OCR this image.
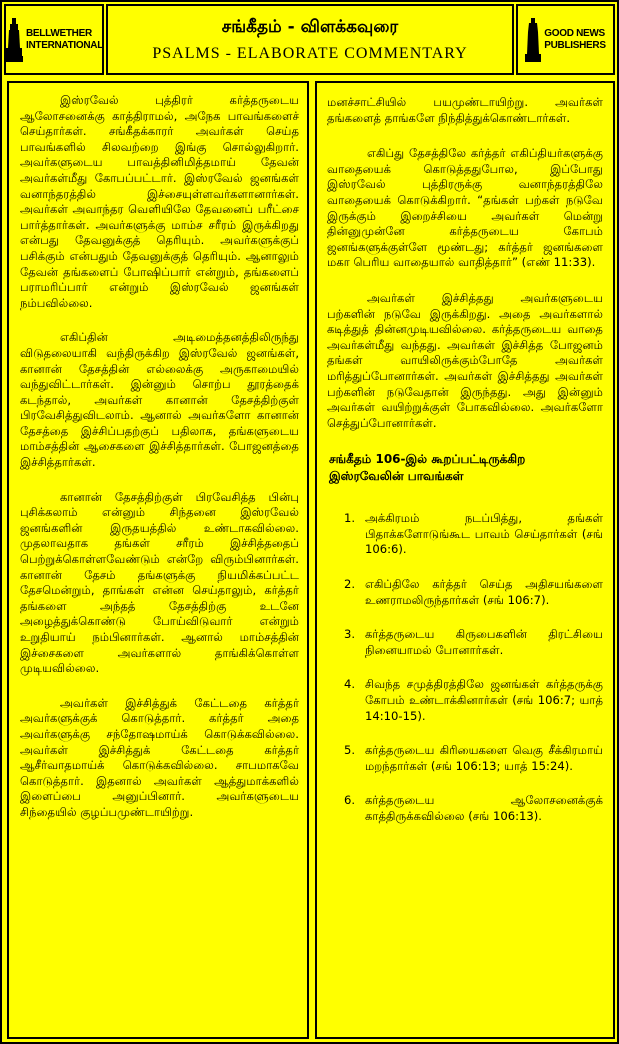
BELLWETHER
INTERNATIONAL
சங்கீதம் - விளக்கவுரை
PSALMS - ELABORATE COMMENTARY
GOOD NEWS
PUBLISHERS

இஸ்ரவேல் புத்திரர் கர்த்தருடைய ஆலோசனைக்கு காத்திராமல், அநேக பாவங்களைச் செய்தார்கள். சங்கீதக்காரர் அவர்கள் செய்த பாவங்களில் சிலவற்றை இங்கு சொல்லுகிறார். அவர்களுடைய பாவத்தினிமித்தமாய் தேவன் அவர்கள்மீது கோபப்பட்டார். இஸ்ரவேல் ஜனங்கள் வனாந்தரத்தில் இச்சையுள்ளவர்களானார்கள். அவர்கள் அவாந்தர வெளியிலே தேவனைப் பரீட்சை பார்த்தார்கள். அவர்களுக்கு மாம்ச சரீரம் இருக்கிறது என்பது தேவனுக்குத் தெரியும். அவர்களுக்குப் பசிக்கும் என்பதும் தேவனுக்குத் தெரியும். ஆனாலும் தேவன் தங்களைப் போஷிப்பார் என்றும், தங்களைப் பராமரிப்பார் என்றும் இஸ்ரவேல் ஜனங்கள் நம்பவில்லை.

எகிப்தின் அடிமைத்தனத்திலிருந்து விடுதலையாகி வந்திருக்கிற இஸ்ரவேல் ஜனங்கள், கானான் தேசத்தின் எல்லைக்கு அருகாமையில் வந்துவிட்டார்கள். இன்னும் சொற்ப தூரத்தைக் கடந்தால், அவர்கள் கானான் தேசத்திற்குள் பிரவேசித்துவிடலாம். ஆனால் அவர்களோ கானான் தேசத்தை இச்சிப்பதற்குப் பதிலாக, தங்களுடைய மாம்சத்தின் ஆசைகளை இச்சித்தார்கள். போஜனத்தை இச்சித்தார்கள்.

கானான் தேசத்திற்குள் பிரவேசித்த பின்பு புசிக்கலாம் என்னும் சிந்தனை இஸ்ரவேல் ஜனங்களின் இருதயத்தில் உண்டாகவில்லை. முதலாவதாக தங்கள் சரீரம் இச்சித்ததைப் பெற்றுக்கொள்ளவேண்டும் என்றே விரும்பினார்கள். கானான் தேசம் தங்களுக்கு நியமிக்கப்பட்ட தேசமென்றும், தாங்கள் என்ன செய்தாலும், கர்த்தர் தங்களை அந்தத் தேசத்திற்கு உடனே அழைத்துக்கொண்டு போய்விடுவார் என்றும் உறுதியாய் நம்பினார்கள். ஆனால் மாம்சத்தின் இச்சைகளை அவர்களால் தாங்கிக்கொள்ள முடியவில்லை.

அவர்கள் இச்சித்துக் கேட்டதை கர்த்தர் அவர்களுக்குக் கொடுத்தார். கர்த்தர் அதை அவர்களுக்கு சந்தோஷமாய்க் கொடுக்கவில்லை. அவர்கள் இச்சித்துக் கேட்டதை கர்த்தர் ஆசீர்வாதமாய்க் கொடுக்கவில்லை. சாபமாகவே கொடுத்தார். இதனால் அவர்கள் ஆத்துமாக்களில் இளைப்பை அனுப்பினார். அவர்களுடைய சிந்தையில் குழப்பமுண்டாயிற்று.

மனச்சாட்சியில் பயமுண்டாயிற்று. அவர்கள் தங்களைத் தாங்களே நிந்தித்துக்கொண்டார்கள்.

எகிப்து தேசத்திலே கர்த்தர் எகிப்தியர்களுக்கு வாதையைக் கொடுத்ததுபோல, இப்போது இஸ்ரவேல் புத்திரருக்கு வனாந்தரத்திலே வாதையைக் கொடுக்கிறார். “தங்கள் பற்கள் நடுவே இருக்கும் இறைச்சியை அவர்கள் மென்று தின்னுமுன்னே கர்த்தருடைய கோபம் ஜனங்களுக்குள்ளே மூண்டது; கர்த்தர் ஜனங்களை மகா பெரிய வாதையால் வாதித்தார்” (எண் 11:33).

அவர்கள் இச்சித்தது அவர்களுடைய பற்களின் நடுவே இருக்கிறது. அதை அவர்களால் கடித்துத் தின்னமுடியவில்லை. கர்த்தருடைய வாதை அவர்கள்மீது வந்தது. அவர்கள் இச்சித்த போஜனம் தங்கள் வாயிலிருக்கும்போதே அவர்கள் மரித்துப்போனார்கள். அவர்கள் இச்சித்தது அவர்கள் பற்களின் நடுவேதான் இருந்தது. அது இன்னும் அவர்கள் வயிற்றுக்குள் போகவில்லை. அவர்களோ செத்துப்போனார்கள்.

சங்கீதம் 106-இல் கூறப்பட்டிருக்கிற இஸ்ரவேலின் பாவங்கள்
1. அக்கிரமம் நடப்பித்து, தங்கள் பிதாக்களோடுங்கூட பாவம் செய்தார்கள் (சங் 106:6).
2. எகிப்திலே கர்த்தர் செய்த அதிசயங்களை உணராமலிருந்தார்கள் (சங் 106:7).
3. கர்த்தருடைய கிருபைகளின் திரட்சியை நினையாமல் போனார்கள்.
4. சிவந்த சமுத்திரத்திலே ஜனங்கள் கர்த்தருக்கு கோபம் உண்டாக்கினார்கள் (சங் 106:7; யாத் 14:10-15).
5. கர்த்தருடைய கிரியைகளை வெகு சீக்கிரமாய் மறந்தார்கள் (சங் 106:13; யாத் 15:24).
6. கர்த்தருடைய ஆலோசனைக்குக் காத்திருக்கவில்லை (சங் 106:13).
